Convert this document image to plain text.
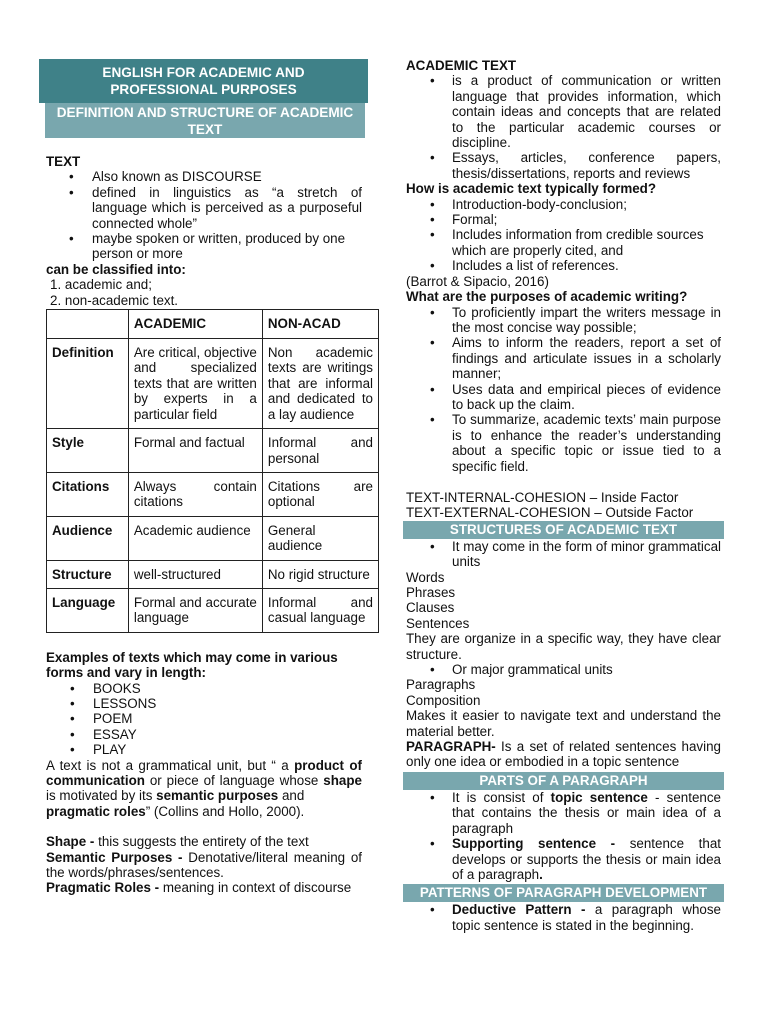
ENGLISH FOR ACADEMIC AND
PROFESSIONAL PURPOSES
DEFINITION AND STRUCTURE OF ACADEMIC
TEXT

TEXT

• Also known as DISCOURSE
• defined in linguistics as “a stretch of language which is perceived as a purposeful connected whole”
• maybe spoken or written, produced by one person or more

can be classified into:

1. academic and;

2. non-academic text.

	ACADEMIC	NON-ACAD
Definition	Are critical, objective and specialized texts that are written by experts in a particular field	Non academic texts are writings that are informal and dedicated to a lay audience
Style	Formal and factual	Informal and personal
Citations	Always contain citations	Citations are optional
Audience	Academic audience	General audience
Structure	well-structured	No rigid structure
Language	Formal and accurate language	Informal and casual language

Examples of texts which may come in various forms and vary in length:

• BOOKS
• LESSONS
• POEM
• ESSAY
• PLAY

A text is not a grammatical unit, but “ a product of communication or piece of language whose shape is motivated by its semantic purposes and
pragmatic roles” (Collins and Hollo, 2000).

Shape - this suggests the entirety of the text

Semantic Purposes - Denotative/literal meaning of the words/phrases/sentences.

Pragmatic Roles - meaning in context of discourse

ACADEMIC TEXT

• is a product of communication or written language that provides information, which contain ideas and concepts that are related to the particular academic courses or discipline.
• Essays, articles, conference papers, thesis/dissertations, reports and reviews

How is academic text typically formed?

• Introduction-body-conclusion;
• Formal;
• Includes information from credible sources which are properly cited, and
• Includes a list of references.

(Barrot & Sipacio, 2016)

What are the purposes of academic writing?

• To proficiently impart the writers message in the most concise way possible;
• Aims to inform the readers, report a set of findings and articulate issues in a scholarly manner;
• Uses data and empirical pieces of evidence to back up the claim.
• To summarize, academic texts’ main purpose is to enhance the reader’s understanding about a specific topic or issue tied to a specific field.

TEXT-INTERNAL-COHESION – Inside Factor

TEXT-EXTERNAL-COHESION – Outside Factor

STRUCTURES OF ACADEMIC TEXT
• It may come in the form of minor grammatical units

Words

Phrases

Clauses

Sentences

They are organize in a specific way, they have clear structure.

• Or major grammatical units

Paragraphs

Composition

Makes it easier to navigate text and understand the material better.

PARAGRAPH- Is a set of related sentences having only one idea or embodied in a topic sentence

PARTS OF A PARAGRAPH
• It is consist of topic sentence - sentence that contains the thesis or main idea of a paragraph
• Supporting sentence - sentence that develops or supports the thesis or main idea of a paragraph.
PATTERNS OF PARAGRAPH DEVELOPMENT
• Deductive Pattern - a paragraph whose topic sentence is stated in the beginning.
